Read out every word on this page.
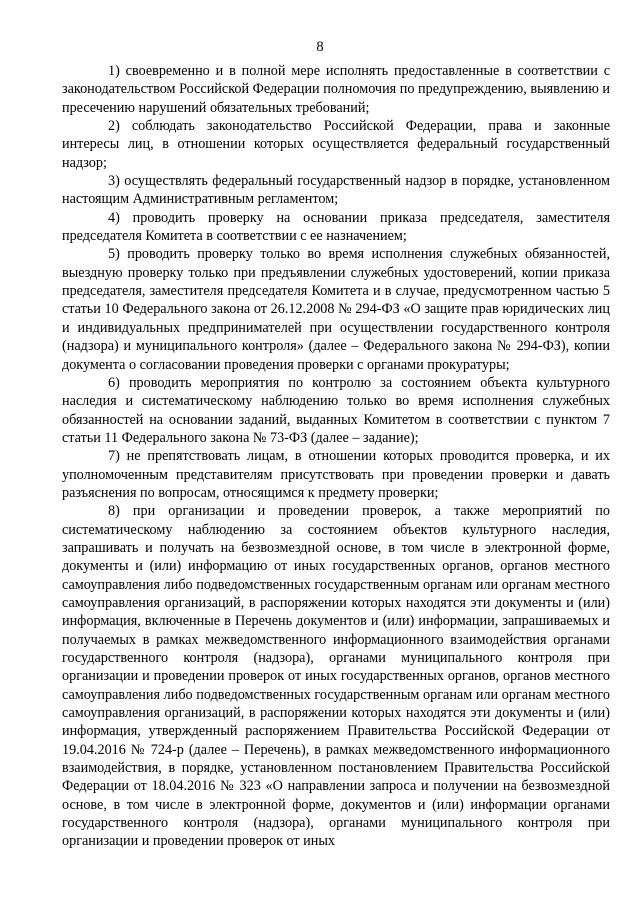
8

1) своевременно и в полной мере исполнять предоставленные в соответствии с законодательством Российской Федерации полномочия по предупреждению, выявлению и пресечению нарушений обязательных требований;

2) соблюдать законодательство Российской Федерации, права и законные интересы лиц, в отношении которых осуществляется федеральный государственный надзор;

3) осуществлять федеральный государственный надзор в порядке, установленном настоящим Административным регламентом;

4) проводить проверку на основании приказа председателя, заместителя председателя Комитета в соответствии с ее назначением;

5) проводить проверку только во время исполнения служебных обязанностей, выездную проверку только при предъявлении служебных удостоверений, копии приказа председателя, заместителя председателя Комитета и в случае, предусмотренном частью 5 статьи 10 Федерального закона от 26.12.2008 № 294-ФЗ «О защите прав юридических лиц и индивидуальных предпринимателей при осуществлении государственного контроля (надзора) и муниципального контроля» (далее – Федерального закона № 294-ФЗ), копии документа о согласовании проведения проверки с органами прокуратуры;

6) проводить мероприятия по контролю за состоянием объекта культурного наследия и систематическому наблюдению только во время исполнения служебных обязанностей на основании заданий, выданных Комитетом в соответствии с пунктом 7 статьи 11 Федерального закона № 73-ФЗ (далее – задание);

7) не препятствовать лицам, в отношении которых проводится проверка, и их уполномоченным представителям присутствовать при проведении проверки и давать разъяснения по вопросам, относящимся к предмету проверки;

8) при организации и проведении проверок, а также мероприятий по систематическому наблюдению за состоянием объектов культурного наследия, запрашивать и получать на безвозмездной основе, в том числе в электронной форме, документы и (или) информацию от иных государственных органов, органов местного самоуправления либо подведомственных государственным органам или органам местного самоуправления организаций, в распоряжении которых находятся эти документы и (или) информация, включенные в Перечень документов и (или) информации, запрашиваемых и получаемых в рамках межведомственного информационного взаимодействия органами государственного контроля (надзора), органами муниципального контроля при организации и проведении проверок от иных государственных органов, органов местного самоуправления либо подведомственных государственным органам или органам местного самоуправления организаций, в распоряжении которых находятся эти документы и (или) информация, утвержденный распоряжением Правительства Российской Федерации от 19.04.2016 № 724-р (далее – Перечень), в рамках межведомственного информационного взаимодействия, в порядке, установленном постановлением Правительства Российской Федерации от 18.04.2016 № 323 «О направлении запроса и получении на безвозмездной основе, в том числе в электронной форме, документов и (или) информации органами государственного контроля (надзора), органами муниципального контроля при организации и проведении проверок от иных
